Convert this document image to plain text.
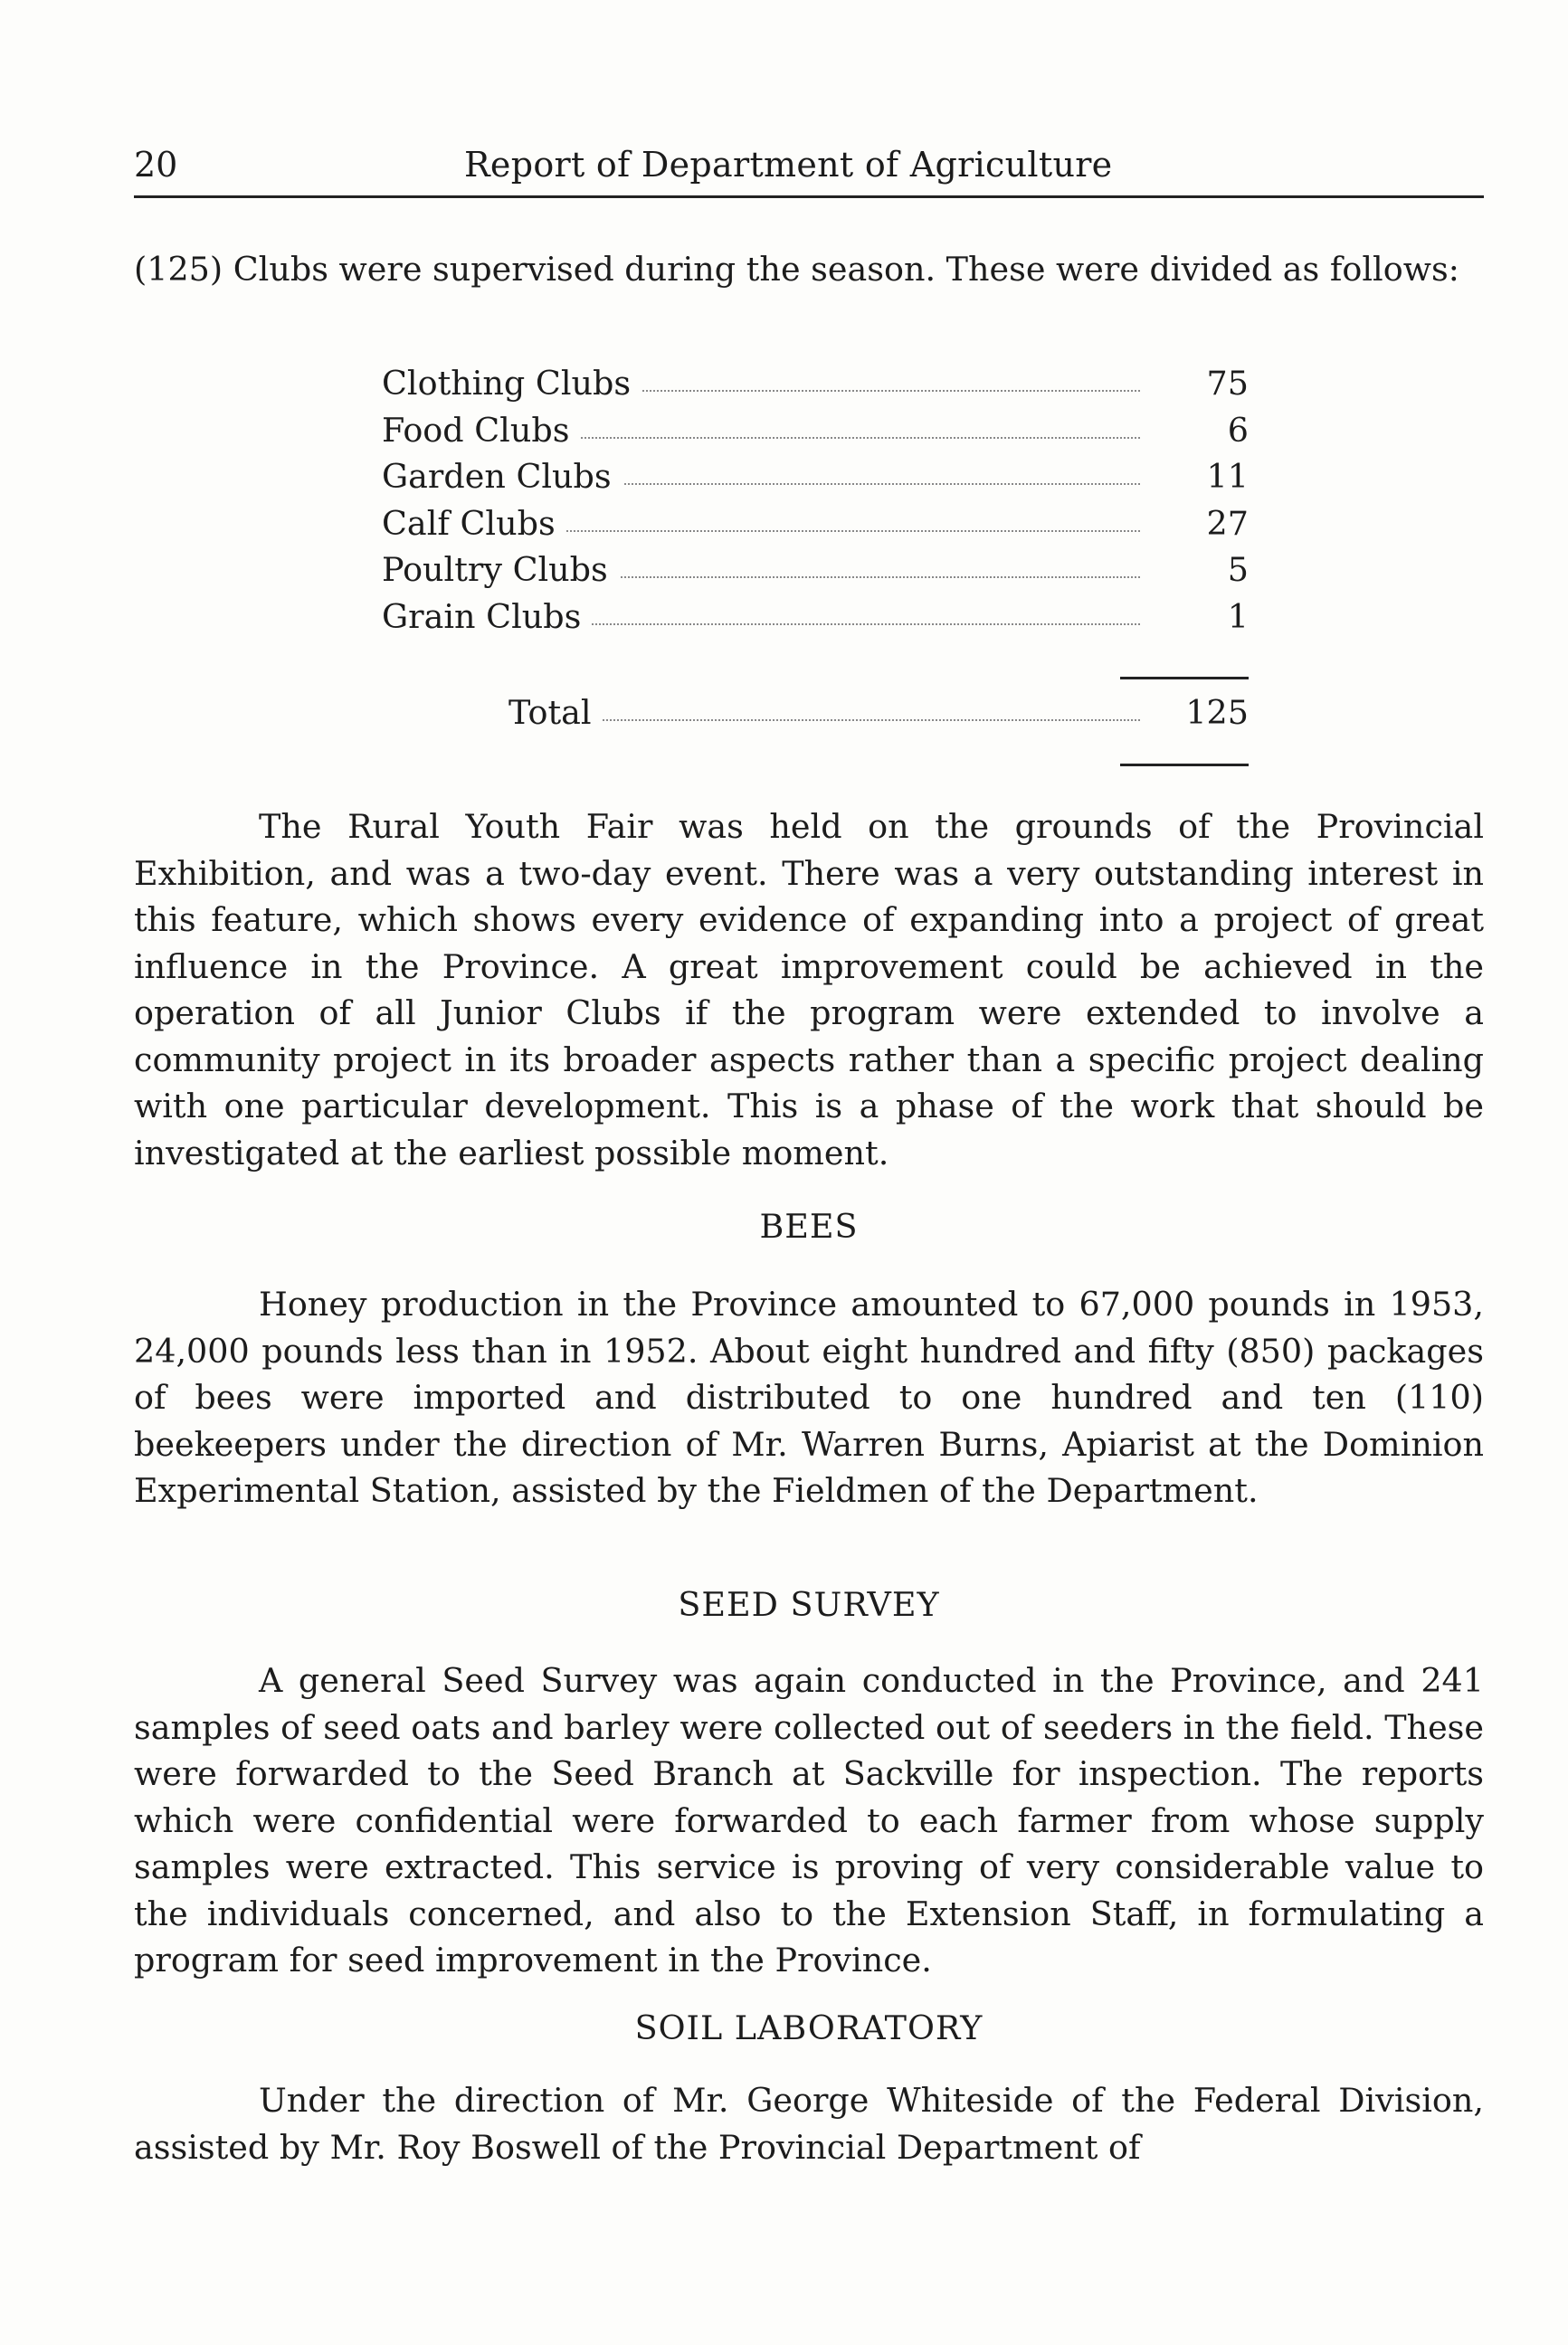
20	Report of Department of Agriculture

(125) Clubs were supervised during the season. These were divided as follows:

Clothing Clubs	75
Food Clubs	6
Garden Clubs	11
Calf Clubs	27
Poultry Clubs	5
Grain Clubs	1
Total	125

The Rural Youth Fair was held on the grounds of the Provincial Exhibition, and was a two-day event. There was a very outstanding interest in this feature, which shows every evidence of expanding into a project of great influence in the Province. A great improvement could be achieved in the operation of all Junior Clubs if the program were extended to involve a community project in its broader aspects rather than a specific project dealing with one particular development. This is a phase of the work that should be investigated at the earliest possible moment.

BEES

Honey production in the Province amounted to 67,000 pounds in 1953, 24,000 pounds less than in 1952. About eight hundred and fifty (850) packages of bees were imported and distributed to one hundred and ten (110) beekeepers under the direction of Mr. Warren Burns, Apiarist at the Dominion Experimental Station, assisted by the Fieldmen of the Department.

SEED SURVEY

A general Seed Survey was again conducted in the Province, and 241 samples of seed oats and barley were collected out of seeders in the field. These were forwarded to the Seed Branch at Sackville for inspection. The reports which were confidential were forwarded to each farmer from whose supply samples were extracted. This service is proving of very considerable value to the individuals concerned, and also to the Extension Staff, in formulating a program for seed improvement in the Province.

SOIL LABORATORY

Under the direction of Mr. George Whiteside of the Federal Division, assisted by Mr. Roy Boswell of the Provincial Department of
